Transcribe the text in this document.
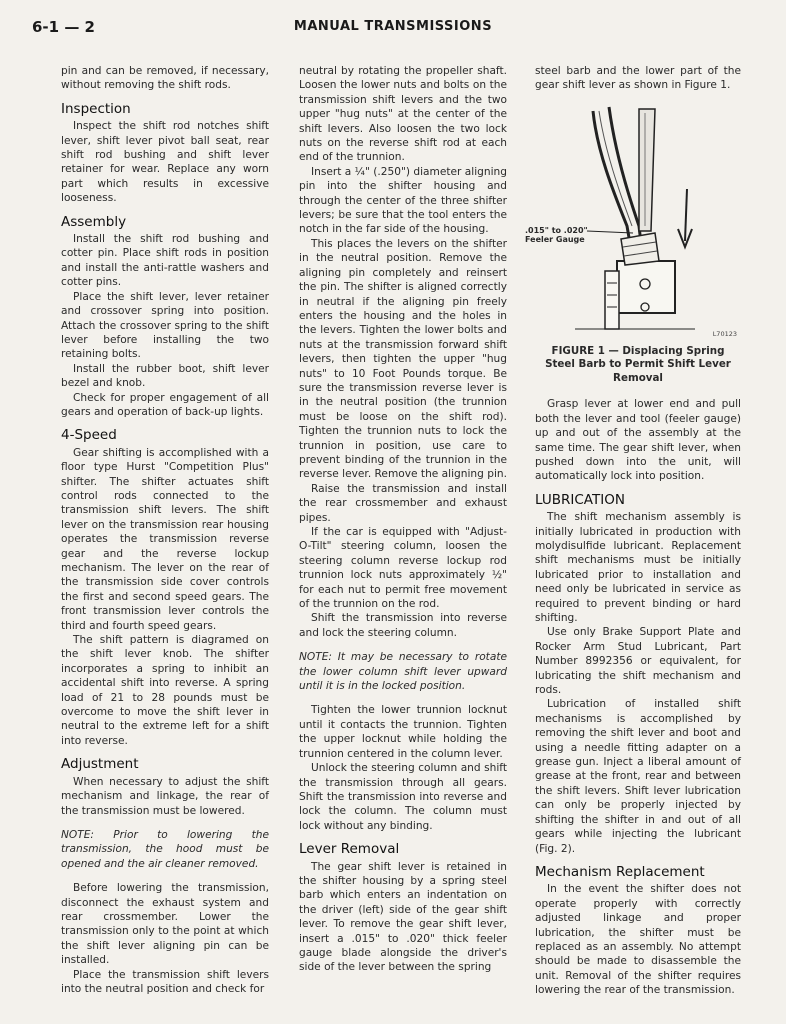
6-1 — 2	MANUAL TRANSMISSIONS

pin and can be removed, if necessary, without removing the shift rods.

Inspection

Inspect the shift rod notches shift lever, shift lever pivot ball seat, rear shift rod bushing and shift lever retainer for wear. Replace any worn part which results in excessive looseness.

Assembly

Install the shift rod bushing and cotter pin. Place shift rods in position and install the anti-rattle washers and cotter pins.

Place the shift lever, lever retainer and crossover spring into position. Attach the crossover spring to the shift lever before installing the two retaining bolts.

Install the rubber boot, shift lever bezel and knob.

Check for proper engagement of all gears and operation of back-up lights.

4-Speed

Gear shifting is accomplished with a floor type Hurst "Competition Plus" shifter. The shifter actuates shift control rods connected to the transmission shift levers. The shift lever on the transmission rear housing operates the transmission reverse gear and the reverse lockup mechanism. The lever on the rear of the transmission side cover controls the first and second speed gears. The front transmission lever controls the third and fourth speed gears.

The shift pattern is diagramed on the shift lever knob. The shifter incorporates a spring to inhibit an accidental shift into reverse. A spring load of 21 to 28 pounds must be overcome to move the shift lever in neutral to the extreme left for a shift into reverse.

Adjustment

When necessary to adjust the shift mechanism and linkage, the rear of the transmission must be lowered.

NOTE: Prior to lowering the transmission, the hood must be opened and the air cleaner removed.

Before lowering the transmission, disconnect the exhaust system and rear crossmember. Lower the transmission only to the point at which the shift lever aligning pin can be installed.

Place the transmission shift levers into the neutral position and check for

neutral by rotating the propeller shaft. Loosen the lower nuts and bolts on the transmission shift levers and the two upper "hug nuts" at the center of the shift levers. Also loosen the two lock nuts on the reverse shift rod at each end of the trunnion.

Insert a ¼" (.250") diameter aligning pin into the shifter housing and through the center of the three shifter levers; be sure that the tool enters the notch in the far side of the housing.

This places the levers on the shifter in the neutral position. Remove the aligning pin completely and reinsert the pin. The shifter is aligned correctly in neutral if the aligning pin freely enters the housing and the holes in the levers. Tighten the lower bolts and nuts at the transmission forward shift levers, then tighten the upper "hug nuts" to 10 Foot Pounds torque. Be sure the transmission reverse lever is in the neutral position (the trunnion must be loose on the shift rod). Tighten the trunnion nuts to lock the trunnion in position, use care to prevent binding of the trunnion in the reverse lever. Remove the aligning pin.

Raise the transmission and install the rear crossmember and exhaust pipes.

If the car is equipped with "Adjust-O-Tilt" steering column, loosen the steering column reverse lockup rod trunnion lock nuts approximately ½" for each nut to permit free movement of the trunnion on the rod.

Shift the transmission into reverse and lock the steering column.

NOTE: It may be necessary to rotate the lower column shift lever upward until it is in the locked position.

Tighten the lower trunnion locknut until it contacts the trunnion. Tighten the upper locknut while holding the trunnion centered in the column lever.

Unlock the steering column and shift the transmission through all gears. Shift the transmission into reverse and lock the column. The column must lock without any binding.

Lever Removal

The gear shift lever is retained in the shifter housing by a spring steel barb which enters an indentation on the driver (left) side of the gear shift lever. To remove the gear shift lever, insert a .015" to .020" thick feeler gauge blade alongside the driver's side of the lever between the spring

steel barb and the lower part of the gear shift lever as shown in Figure 1.

.015" to .020"
Feeler Gauge
L70123

FIGURE 1 — Displacing Spring Steel Barb to Permit Shift Lever Removal

Grasp lever at lower end and pull both the lever and tool (feeler gauge) up and out of the assembly at the same time. The gear shift lever, when pushed down into the unit, will automatically lock into position.

LUBRICATION

The shift mechanism assembly is initially lubricated in production with molydisulfide lubricant. Replacement shift mechanisms must be initially lubricated prior to installation and need only be lubricated in service as required to prevent binding or hard shifting.

Use only Brake Support Plate and Rocker Arm Stud Lubricant, Part Number 8992356 or equivalent, for lubricating the shift mechanism and rods.

Lubrication of installed shift mechanisms is accomplished by removing the shift lever and boot and using a needle fitting adapter on a grease gun. Inject a liberal amount of grease at the front, rear and between the shift levers. Shift lever lubrication can only be properly injected by shifting the shifter in and out of all gears while injecting the lubricant (Fig. 2).

Mechanism Replacement

In the event the shifter does not operate properly with correctly adjusted linkage and proper lubrication, the shifter must be replaced as an assembly. No attempt should be made to disassemble the unit. Removal of the shifter requires lowering the rear of the transmission.
